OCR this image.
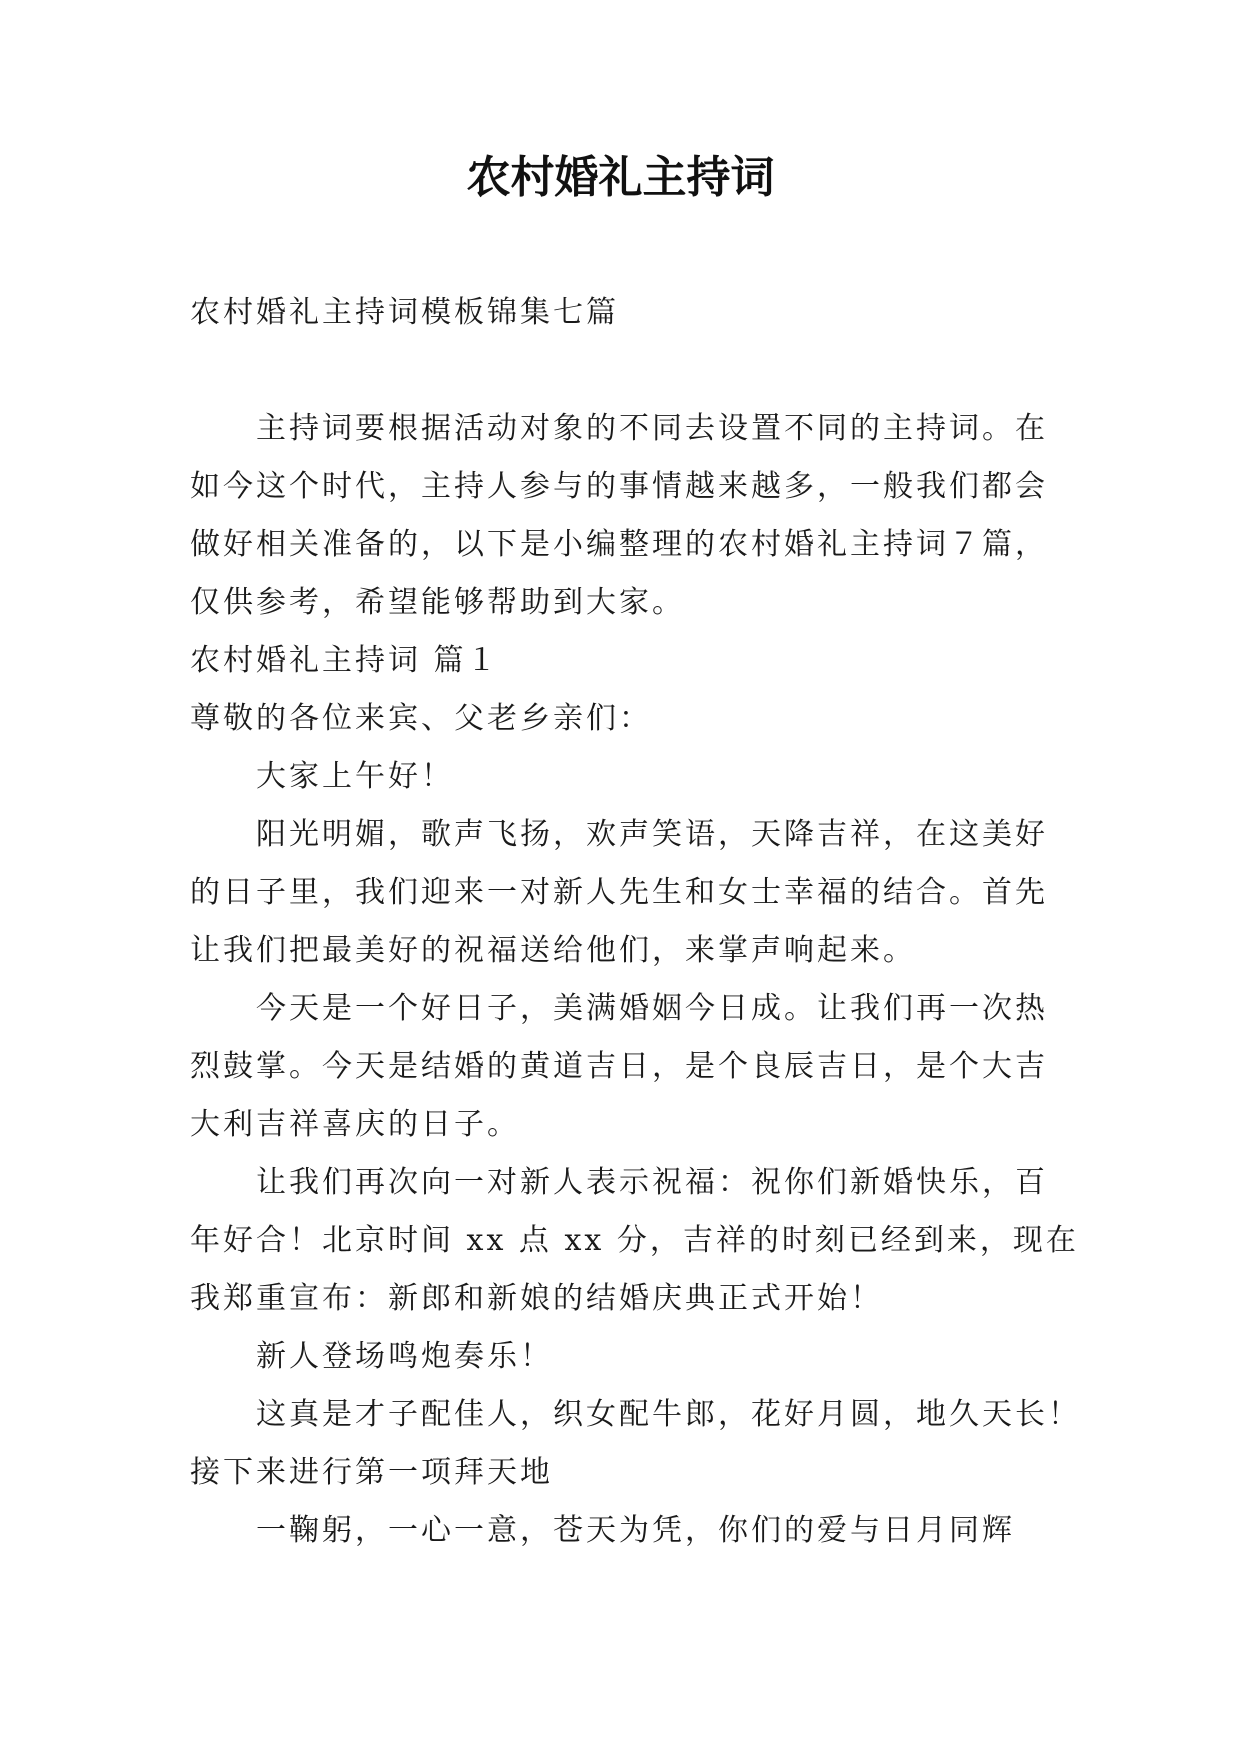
农村婚礼主持词
农村婚礼主持词模板锦集七篇
主持词要根据活动对象的不同去设置不同的主持词。在
如今这个时代，主持人参与的事情越来越多，一般我们都会
做好相关准备的，以下是小编整理的农村婚礼主持词７篇，
仅供参考，希望能够帮助到大家。
农村婚礼主持词 篇１
尊敬的各位来宾、父老乡亲们：
大家上午好！
阳光明媚，歌声飞扬，欢声笑语，天降吉祥，在这美好
的日子里，我们迎来一对新人先生和女士幸福的结合。首先
让我们把最美好的祝福送给他们，来掌声响起来。
今天是一个好日子，美满婚姻今日成。让我们再一次热
烈鼓掌。今天是结婚的黄道吉日，是个良辰吉日，是个大吉
大利吉祥喜庆的日子。
让我们再次向一对新人表示祝福：祝你们新婚快乐，百
年好合！北京时间 xx 点 xx 分，吉祥的时刻已经到来，现在
我郑重宣布：新郎和新娘的结婚庆典正式开始！
新人登场鸣炮奏乐！
这真是才子配佳人，织女配牛郎，花好月圆，地久天长！
接下来进行第一项拜天地
一鞠躬，一心一意，苍天为凭，你们的爱与日月同辉
